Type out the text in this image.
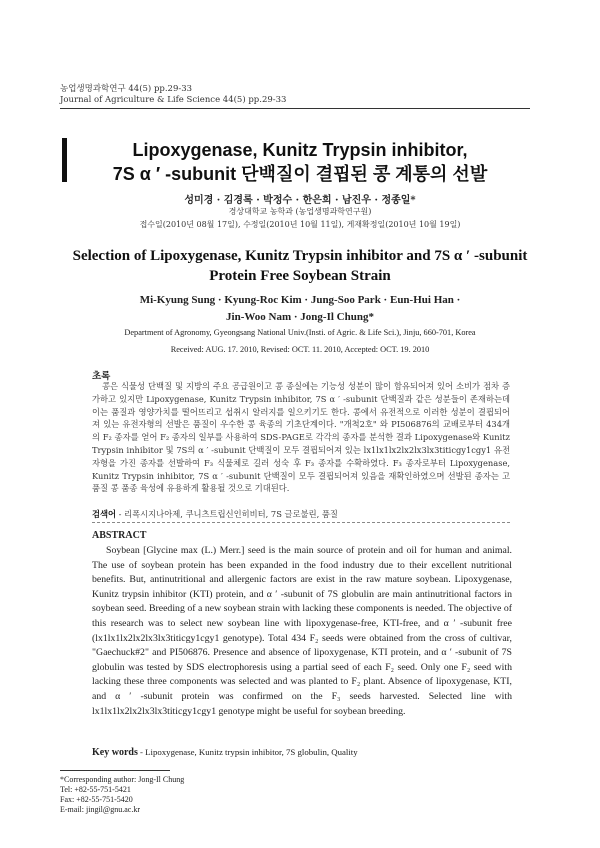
농업생명과학연구 44(5) pp.29-33
Journal of Agriculture & Life Science 44(5) pp.29-33
Lipoxygenase, Kunitz Trypsin inhibitor,
7S α ′ -subunit 단백질이 결핍된 콩 계통의 선발
성미경 · 김경록 · 박정수 · 한은희 · 남진우 · 정종일*
경상대학교 농학과 (농업생명과학연구원)
접수일(2010년 08월 17일), 수정일(2010년 10월 11일), 게재확정일(2010년 10월 19일)
Selection of Lipoxygenase, Kunitz Trypsin inhibitor and 7S α ′ -subunit
Protein Free Soybean Strain
Mi-Kyung Sung · Kyung-Roc Kim · Jung-Soo Park · Eun-Hui Han ·
Jin-Woo Nam · Jong-Il Chung*
Department of Agronomy, Gyeongsang National Univ.(Insti. of Agric. & Life Sci.), Jinju, 660-701, Korea
Received: AUG. 17. 2010, Revised: OCT. 11. 2010, Accepted: OCT. 19. 2010
초록
콩은 식물성 단백질 및 지방의 주요 공급원이고 콩 종실에는 기능성 성분이 많이 함유되어져 있어 소비가 점차 증가하고 있지만 Lipoxygenase, Kunitz Trypsin inhibitor, 7S α ′ -subunit 단백질과 같은 성분들이 존재하는데 이는 품질과 영양가치를 떨어뜨리고 섭취시 알러지를 일으키기도 한다. 콩에서 유전적으로 이러한 성분이 결핍되어져 있는 유전자형의 선발은 품질이 우수한 콩 육종의 기초단계이다. "개척2호" 와 PI506876의 교배로부터 434개의 F₂ 종자를 얻어 F₂ 종자의 일부를 사용하여 SDS-PAGE로 각각의 종자를 분석한 결과 Lipoxygenase와 Kunitz Trypsin inhibitor 및 7S의 α ′ -subunit 단백질이 모두 결핍되어져 있는 lx1lx1lx2lx2lx3lx3titicgy1cgy1 유전자형을 가진 종자를 선발하여 F₃ 식물체로 길러 성숙 후 F₃ 종자를 수확하였다. F₃ 종자로부터 Lipoxygenase, Kunitz Trypsin inhibitor, 7S α ′ -subunit 단백질이 모두 결핍되어져 있음을 재확인하였으며 선발된 종자는 고품질 콩 품종 육성에 유용하게 활용될 것으로 기대된다.
검색어 - 리폭시지나아제, 쿠니츠트립신인히비터, 7S 글로불린, 품질
ABSTRACT
Soybean [Glycine max (L.) Merr.] seed is the main source of protein and oil for human and animal. The use of soybean protein has been expanded in the food industry due to their excellent nutritional benefits. But, antinutritional and allergenic factors are exist in the raw mature soybean. Lipoxygenase, Kunitz trypsin inhibitor (KTI) protein, and α ′ -subunit of 7S globulin are main antinutritional factors in soybean seed. Breeding of a new soybean strain with lacking these components is needed. The objective of this research was to select new soybean line with lipoxygenase-free, KTI-free, and α ′ -subunit free (lx1lx1lx2lx2lx3lx3titicgy1cgy1 genotype). Total 434 F₂ seeds were obtained from the cross of cultivar, "Gaechuck#2" and PI506876. Presence and absence of lipoxygenase, KTI protein, and α ′ -subunit of 7S globulin was tested by SDS electrophoresis using a partial seed of each F₂ seed. Only one F₂ seed with lacking these three components was selected and was planted to F₂ plant. Absence of lipoxygenase, KTI, and α ′ -subunit protein was confirmed on the F₃ seeds harvested. Selected line with lx1lx1lx2lx2lx3lx3titicgy1cgy1 genotype might be useful for soybean breeding.
Key words - Lipoxygenase, Kunitz trypsin inhibitor, 7S globulin, Quality
*Corresponding author: Jong-Il Chung
Tel: +82-55-751-5421
Fax: +82-55-751-5420
E-mail: jingil@gnu.ac.kr
